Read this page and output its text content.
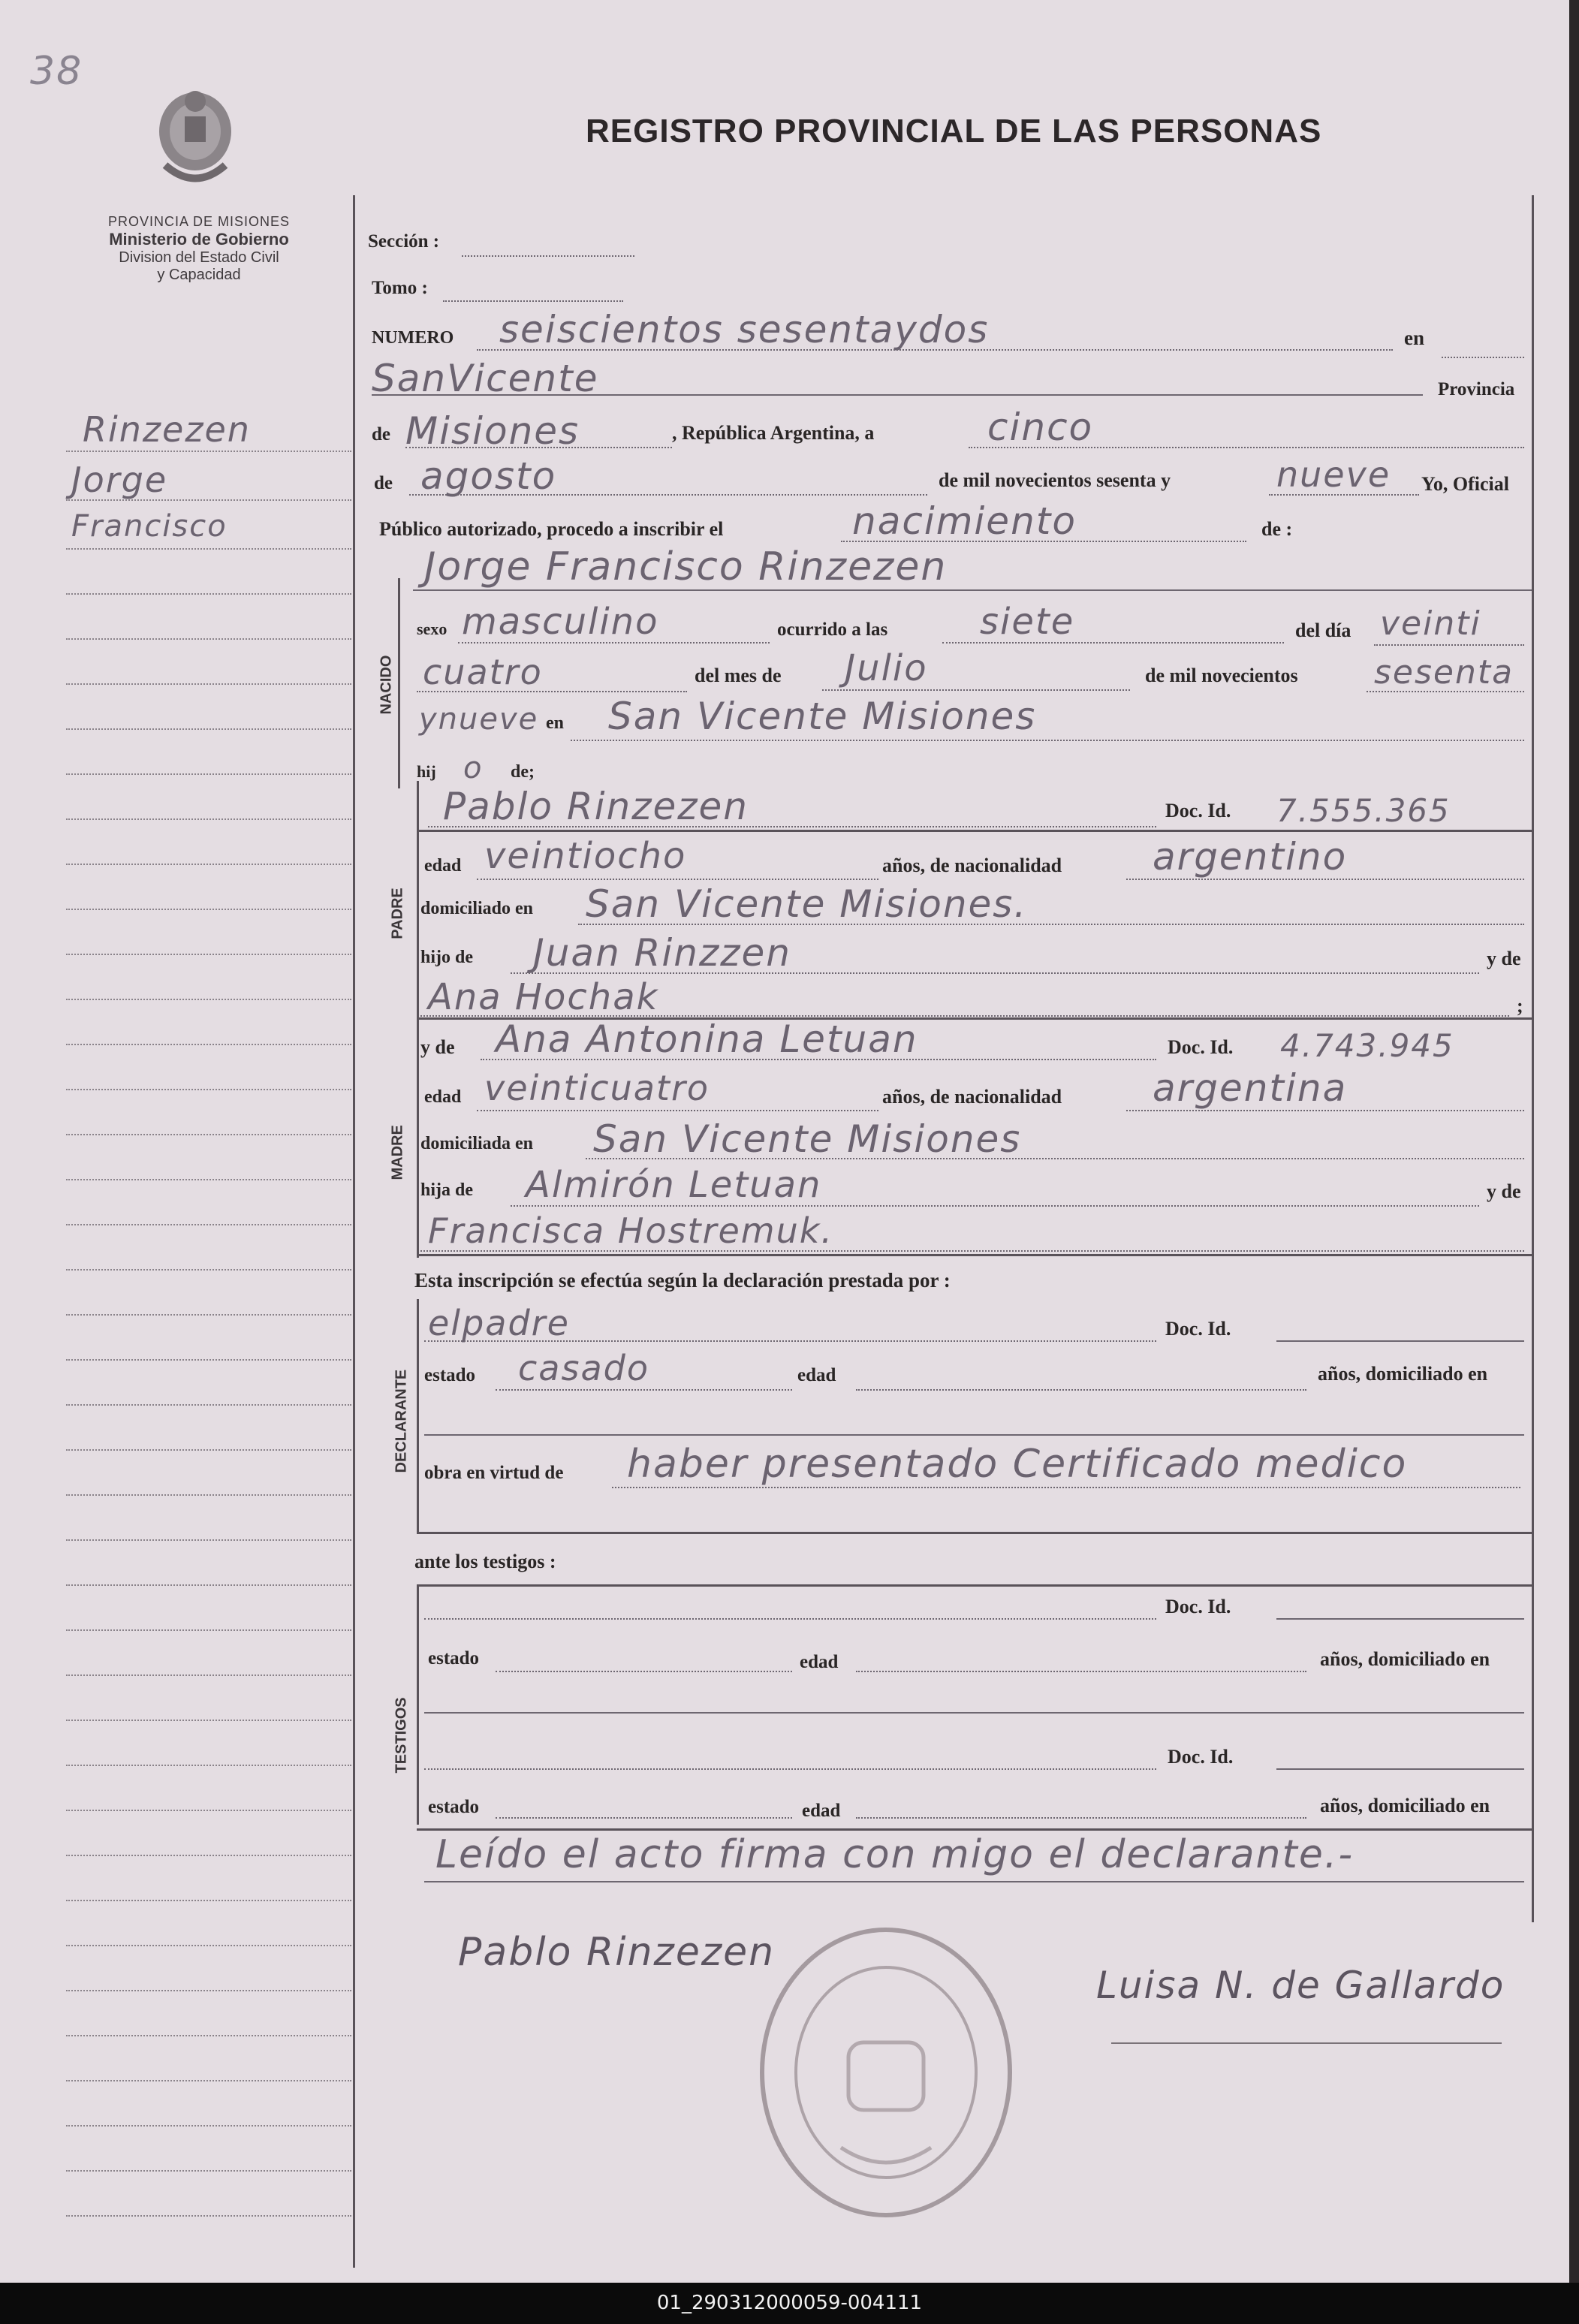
38
PROVINCIA DE MISIONES
Ministerio de Gobierno
Division del Estado Civil
y Capacidad
REGISTRO PROVINCIAL DE LAS PERSONAS
Rinzezen
Jorge
Francisco
NACIDO
PADRE
MADRE
DECLARANTE
TESTIGOS
Sección :
Tomo :
NUMERO seiscientos sesentaydos	en
SanVicente	Provincia
de Misiones	, República Argentina, a	cinco
de agosto	de mil novecientos sesenta y	nueve Yo, Oficial
Público autorizado, procedo a inscribir el	nacimiento	de :
Jorge Francisco Rinzezen
sexo masculino	ocurrido a las	siete	del día veinti
cuatro	del mes de Julio	de mil novecientos sesenta
ynueve en San Vicente Misiones
hij o de;
Pablo Rinzezen	Doc. Id. 7.555.365
edad veintiocho	años, de nacionalidad argentino
domiciliado en San Vicente Misiones.
hijo de Juan Rinzzen	y de
Ana Hochak	;
y de Ana Antonina Letuan	Doc. Id. 4.743.945
edad veinticuatro	años, de nacionalidad argentina
domiciliada en San Vicente Misiones
hija de Almirón Letuan	y de
Francisca Hostremuk.
Esta inscripción se efectúa según la declaración prestada por :
elpadre	Doc. Id.
estado casado	edad	años, domiciliado en
obra en virtud de haber presentado Certificado medico
ante los testigos :
Doc. Id.
estado	edad	años, domiciliado en
Doc. Id.
estado	edad	años, domiciliado en
Leído el acto firma con migo el declarante.-
Pablo Rinzezen
Luisa N. de Gallardo
01_290312000059-004111
